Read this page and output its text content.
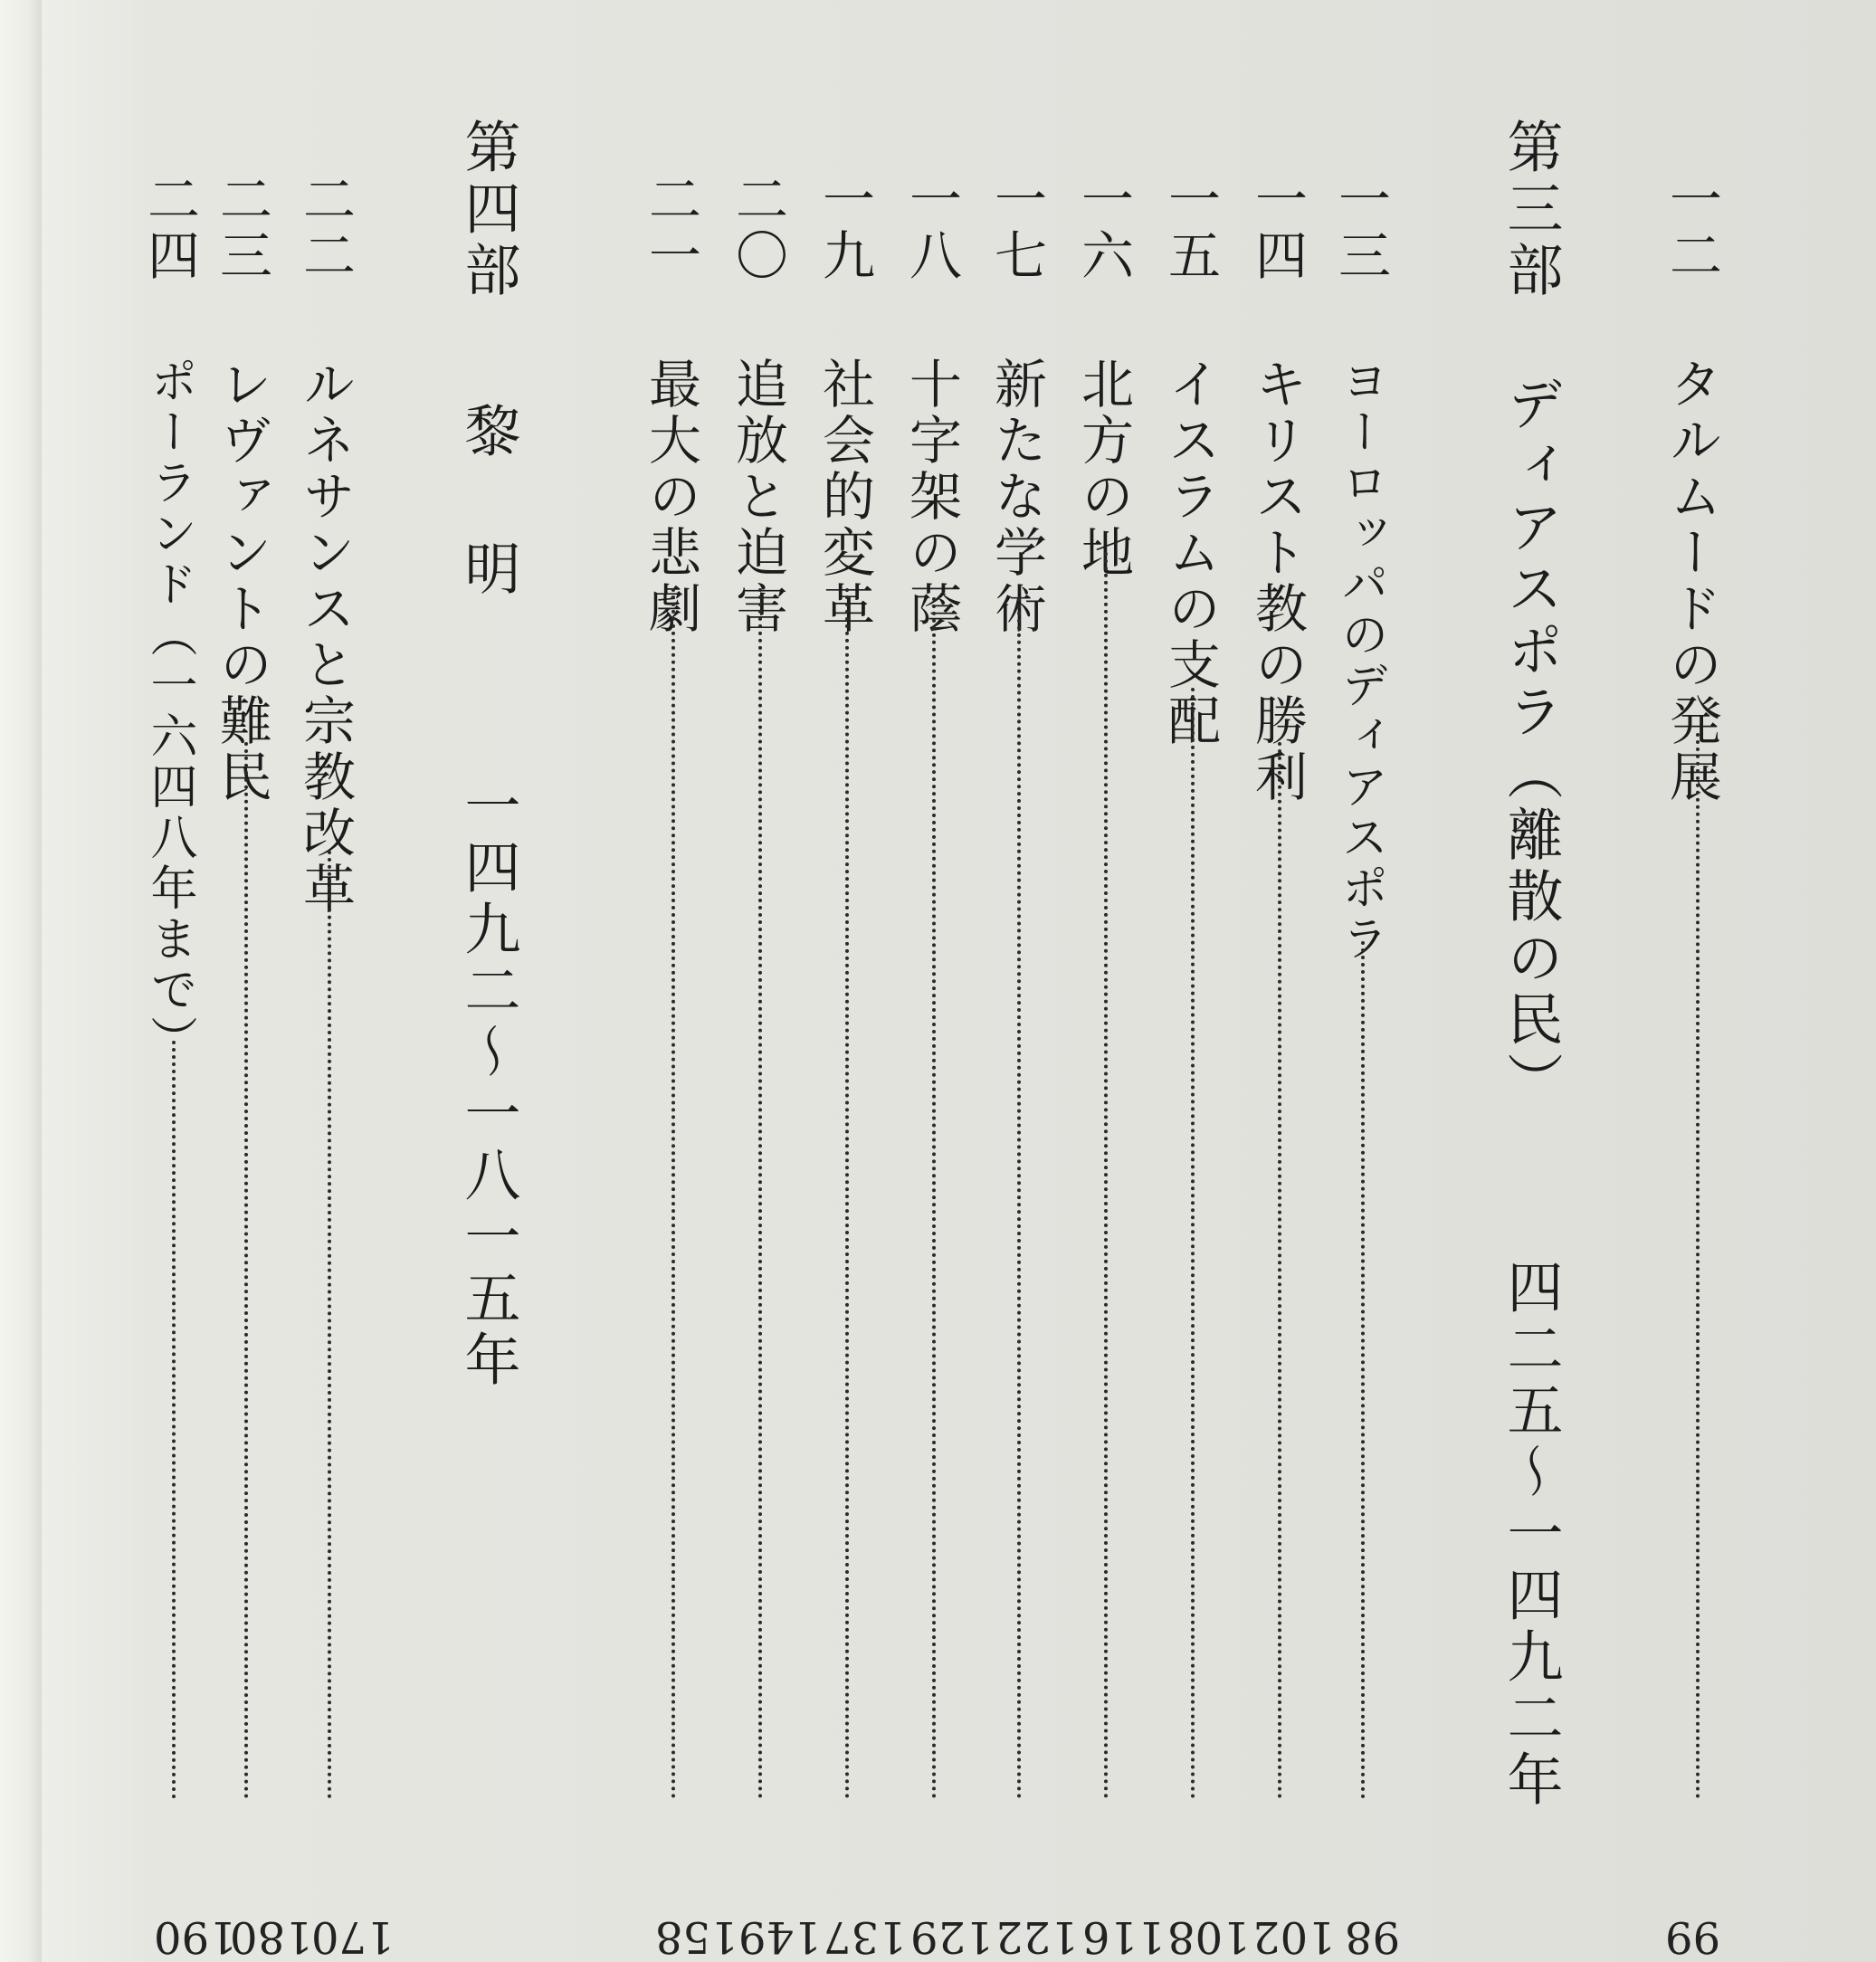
一二タルムードの発展
第三部ディアスポラ（離散の民）四二五〜一四九二年
一三ヨーロッパのディアスポラ
一四キリスト教の勝利
一五イスラムの支配
一六北方の地
一七新たな学術
一八十字架の蔭
一九社会的変革
二〇追放と迫害
二一最大の悲劇
第四部黎明一四九二〜一八一五年
二二ルネサンスと宗教改革
二三レヴァントの難民
二四ポーランド（一六四八年まで）
99
98
102
108
116
122
129
137
149
158
170
180
190
